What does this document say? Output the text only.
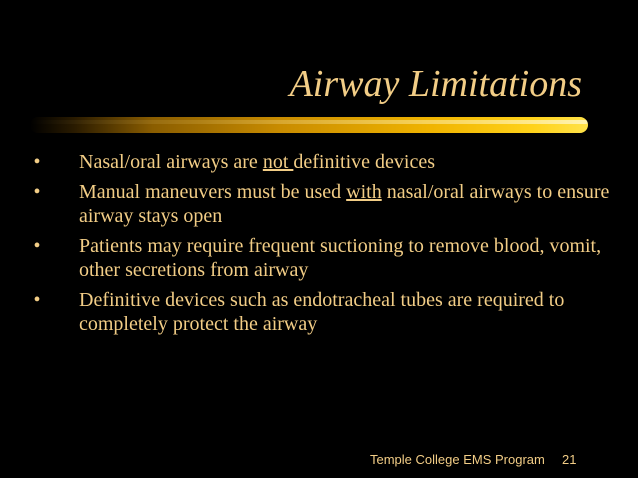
Airway Limitations
• Nasal/oral airways are not definitive devices
• Manual maneuvers must be used with nasal/oral airways to ensure airway stays open
• Patients may require frequent suctioning to remove blood, vomit, other secretions from airway
• Definitive devices such as endotracheal tubes are required to completely protect the airway
Temple College EMS Program 21
